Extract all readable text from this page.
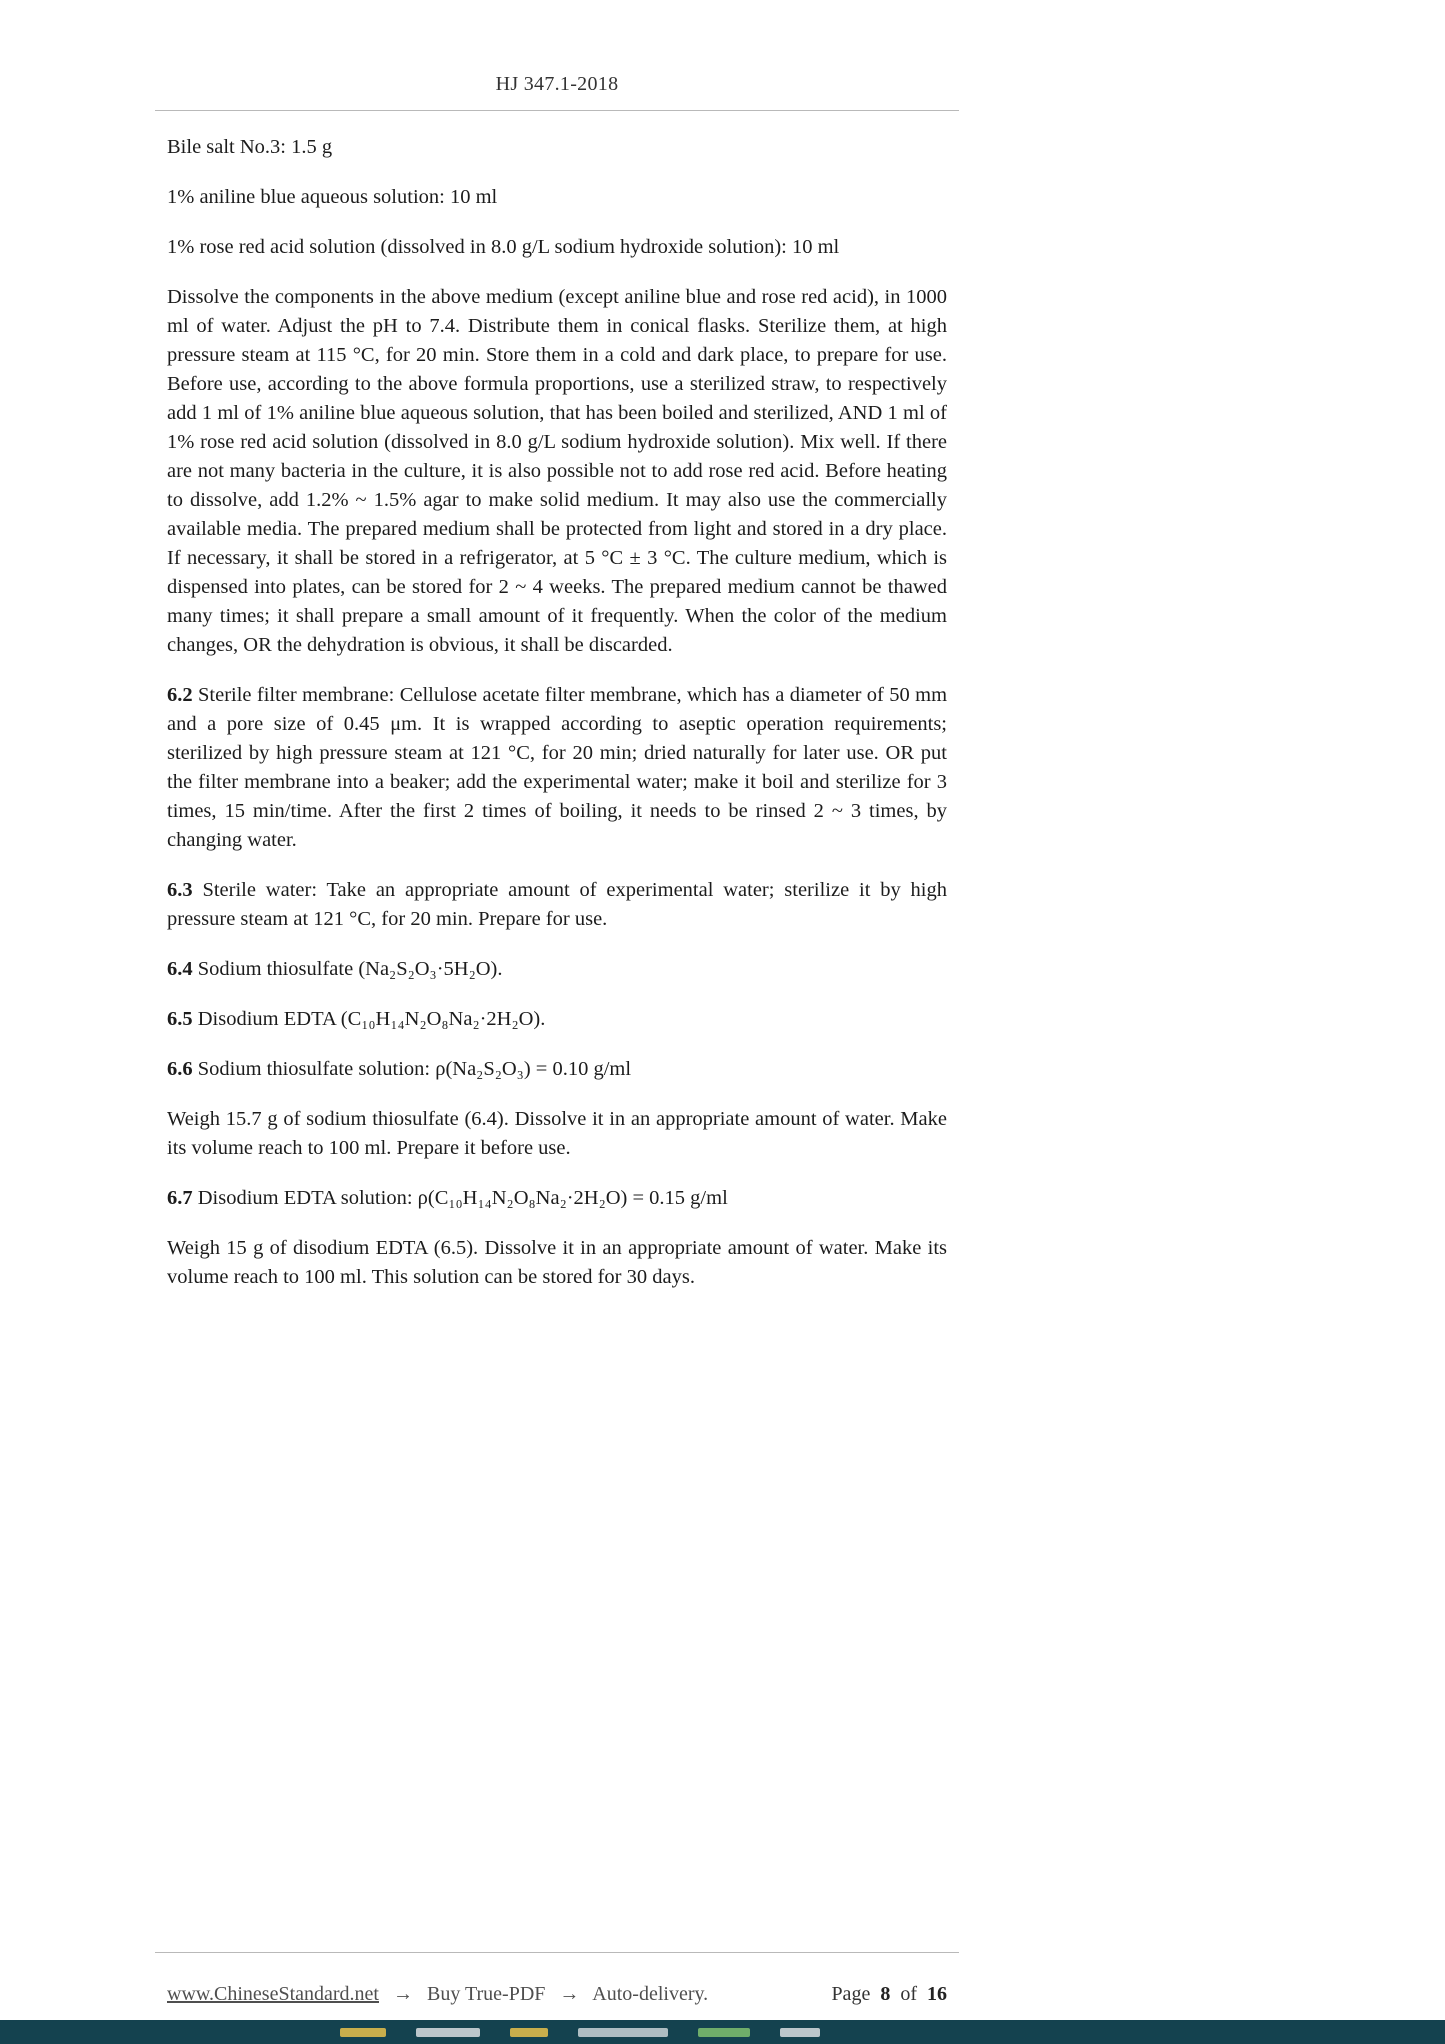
HJ 347.1-2018

Bile salt No.3: 1.5 g

1% aniline blue aqueous solution: 10 ml

1% rose red acid solution (dissolved in 8.0 g/L sodium hydroxide solution): 10 ml

Dissolve the components in the above medium (except aniline blue and rose red acid), in 1000 ml of water. Adjust the pH to 7.4. Distribute them in conical flasks. Sterilize them, at high pressure steam at 115 °C, for 20 min. Store them in a cold and dark place, to prepare for use. Before use, according to the above formula proportions, use a sterilized straw, to respectively add 1 ml of 1% aniline blue aqueous solution, that has been boiled and sterilized, AND 1 ml of 1% rose red acid solution (dissolved in 8.0 g/L sodium hydroxide solution). Mix well. If there are not many bacteria in the culture, it is also possible not to add rose red acid. Before heating to dissolve, add 1.2% ~ 1.5% agar to make solid medium. It may also use the commercially available media. The prepared medium shall be protected from light and stored in a dry place. If necessary, it shall be stored in a refrigerator, at 5 °C ± 3 °C. The culture medium, which is dispensed into plates, can be stored for 2 ~ 4 weeks. The prepared medium cannot be thawed many times; it shall prepare a small amount of it frequently. When the color of the medium changes, OR the dehydration is obvious, it shall be discarded.

6.2 Sterile filter membrane: Cellulose acetate filter membrane, which has a diameter of 50 mm and a pore size of 0.45 μm. It is wrapped according to aseptic operation requirements; sterilized by high pressure steam at 121 °C, for 20 min; dried naturally for later use. OR put the filter membrane into a beaker; add the experimental water; make it boil and sterilize for 3 times, 15 min/time. After the first 2 times of boiling, it needs to be rinsed 2 ~ 3 times, by changing water.

6.3 Sterile water: Take an appropriate amount of experimental water; sterilize it by high pressure steam at 121 °C, for 20 min. Prepare for use.

6.4 Sodium thiosulfate (Na₂S₂O₃·5H₂O).

6.5 Disodium EDTA (C₁₀H₁₄N₂O₈Na₂·2H₂O).

6.6 Sodium thiosulfate solution: ρ(Na₂S₂O₃) = 0.10 g/ml

Weigh 15.7 g of sodium thiosulfate (6.4). Dissolve it in an appropriate amount of water. Make its volume reach to 100 ml. Prepare it before use.

6.7 Disodium EDTA solution: ρ(C₁₀H₁₄N₂O₈Na₂·2H₂O) = 0.15 g/ml

Weigh 15 g of disodium EDTA (6.5). Dissolve it in an appropriate amount of water. Make its volume reach to 100 ml. This solution can be stored for 30 days.

www.ChineseStandard.net → Buy True-PDF → Auto-delivery.	Page 8 of 16
